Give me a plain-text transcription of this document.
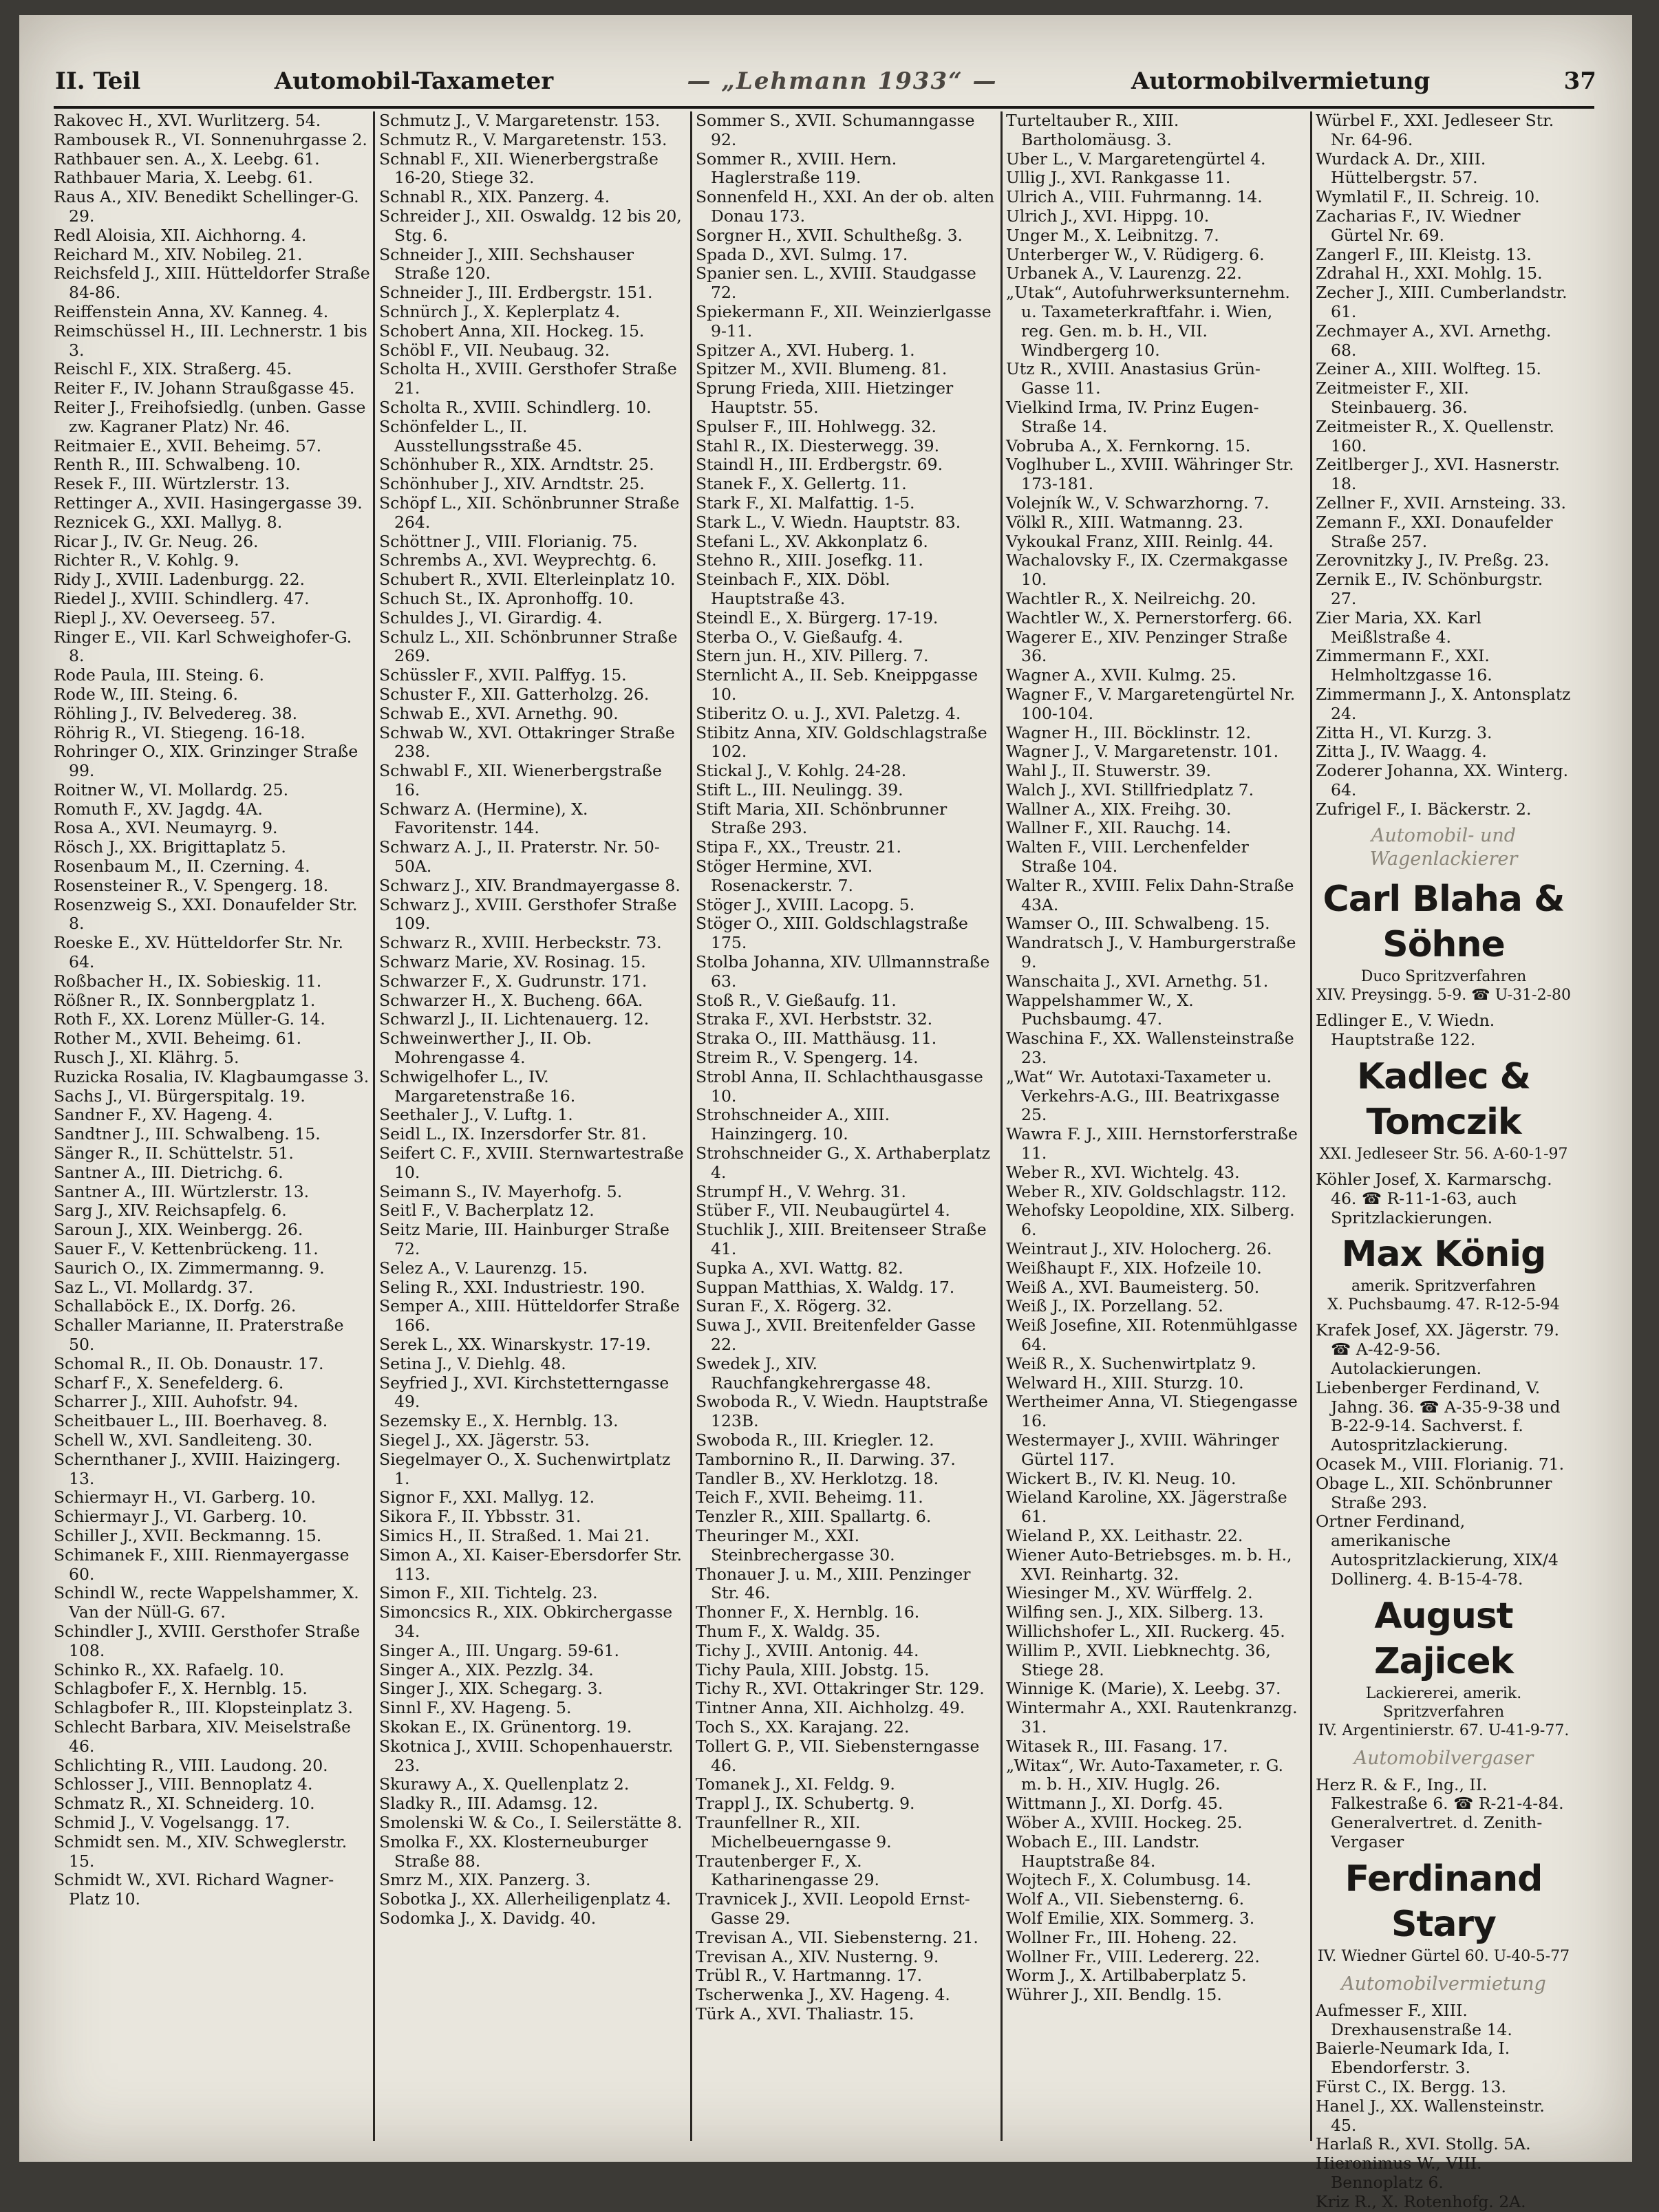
II. Teil	Automobil-Taxameter	— „Lehmann 1933“ —	Autormobilvermietung	37
Rakovec H., XVI. Wurlitzerg. 54.
Rambousek R., VI. Sonnenuhrgasse 2.
Rathbauer sen. A., X. Leebg. 61.
Rathbauer Maria, X. Leebg. 61.
Raus A., XIV. Benedikt Schellinger-G. 29.
Redl Aloisia, XII. Aichhorng. 4.
Reichard M., XIV. Nobileg. 21.
Reichsfeld J., XIII. Hütteldorfer Straße 84-86.
Reiffenstein Anna, XV. Kanneg. 4.
Reimschüssel H., III. Lechnerstr. 1 bis 3.
Reischl F., XIX. Straßerg. 45.
Reiter F., IV. Johann Straußgasse 45.
Reiter J., Freihofsiedlg. (unben. Gasse zw. Kagraner Platz) Nr. 46.
Reitmaier E., XVII. Beheimg. 57.
Renth R., III. Schwalbeng. 10.
Resek F., III. Würtzlerstr. 13.
Rettinger A., XVII. Hasingergasse 39.
Reznicek G., XXI. Mallyg. 8.
Ricar J., IV. Gr. Neug. 26.
Richter R., V. Kohlg. 9.
Ridy J., XVIII. Ladenburgg. 22.
Riedel J., XVIII. Schindlerg. 47.
Riepl J., XV. Oeverseeg. 57.
Ringer E., VII. Karl Schweighofer-G. 8.
Rode Paula, III. Steing. 6.
Rode W., III. Steing. 6.
Röhling J., IV. Belvedereg. 38.
Röhrig R., VI. Stiegeng. 16-18.
Rohringer O., XIX. Grinzinger Straße 99.
Roitner W., VI. Mollardg. 25.
Romuth F., XV. Jagdg. 4A.
Rosa A., XVI. Neumayrg. 9.
Rösch J., XX. Brigittaplatz 5.
Rosenbaum M., II. Czerning. 4.
Rosensteiner R., V. Spengerg. 18.
Rosenzweig S., XXI. Donaufelder Str. 8.
Roeske E., XV. Hütteldorfer Str. Nr. 64.
Roßbacher H., IX. Sobieskig. 11.
Rößner R., IX. Sonnbergplatz 1.
Roth F., XX. Lorenz Müller-G. 14.
Rother M., XVII. Beheimg. 61.
Rusch J., XI. Klährg. 5.
Ruzicka Rosalia, IV. Klagbaumgasse 3.
Sachs J., VI. Bürgerspitalg. 19.
Sandner F., XV. Hageng. 4.
Sandtner J., III. Schwalbeng. 15.
Sänger R., II. Schüttelstr. 51.
Santner A., III. Dietrichg. 6.
Santner A., III. Würtzlerstr. 13.
Sarg J., XIV. Reichsapfelg. 6.
Saroun J., XIX. Weinbergg. 26.
Sauer F., V. Kettenbrückeng. 11.
Saurich O., IX. Zimmermanng. 9.
Saz L., VI. Mollardg. 37.
Schallaböck E., IX. Dorfg. 26.
Schaller Marianne, II. Praterstraße 50.
Schomal R., II. Ob. Donaustr. 17.
Scharf F., X. Senefelderg. 6.
Scharrer J., XIII. Auhofstr. 94.
Scheitbauer L., III. Boerhaveg. 8.
Schell W., XVI. Sandleiteng. 30.
Schernthaner J., XVIII. Haizingerg. 13.
Schiermayr H., VI. Garberg. 10.
Schiermayr J., VI. Garberg. 10.
Schiller J., XVII. Beckmanng. 15.
Schimanek F., XIII. Rienmayergasse 60.
Schindl W., recte Wappelshammer, X. Van der Nüll-G. 67.
Schindler J., XVIII. Gersthofer Straße 108.
Schinko R., XX. Rafaelg. 10.
Schlagbofer F., X. Hernblg. 15.
Schlagbofer R., III. Klopsteinplatz 3.
Schlecht Barbara, XIV. Meiselstraße 46.
Schlichting R., VIII. Laudong. 20.
Schlosser J., VIII. Bennoplatz 4.
Schmatz R., XI. Schneiderg. 10.
Schmid J., V. Vogelsangg. 17.
Schmidt sen. M., XIV. Schweglerstr. 15.
Schmidt W., XVI. Richard Wagner-Platz 10.
Schmutz J., V. Margaretenstr. 153.
Schmutz R., V. Margaretenstr. 153.
Schnabl F., XII. Wienerbergstraße 16-20, Stiege 32.
Schnabl R., XIX. Panzerg. 4.
Schreider J., XII. Oswaldg. 12 bis 20, Stg. 6.
Schneider J., XIII. Sechshauser Straße 120.
Schneider J., III. Erdbergstr. 151.
Schnürch J., X. Keplerplatz 4.
Schobert Anna, XII. Hockeg. 15.
Schöbl F., VII. Neubaug. 32.
Scholta H., XVIII. Gersthofer Straße 21.
Scholta R., XVIII. Schindlerg. 10.
Schönfelder L., II. Ausstellungsstraße 45.
Schönhuber R., XIX. Arndtstr. 25.
Schönhuber J., XIV. Arndtstr. 25.
Schöpf L., XII. Schönbrunner Straße 264.
Schöttner J., VIII. Florianig. 75.
Schrembs A., XVI. Weyprechtg. 6.
Schubert R., XVII. Elterleinplatz 10.
Schuch St., IX. Apronhoffg. 10.
Schuldes J., VI. Girardig. 4.
Schulz L., XII. Schönbrunner Straße 269.
Schüssler F., XVII. Palffyg. 15.
Schuster F., XII. Gatterholzg. 26.
Schwab E., XVI. Arnethg. 90.
Schwab W., XVI. Ottakringer Straße 238.
Schwabl F., XII. Wienerbergstraße 16.
Schwarz A. (Hermine), X. Favoritenstr. 144.
Schwarz A. J., II. Praterstr. Nr. 50-50A.
Schwarz J., XIV. Brandmayergasse 8.
Schwarz J., XVIII. Gersthofer Straße 109.
Schwarz R., XVIII. Herbeckstr. 73.
Schwarz Marie, XV. Rosinag. 15.
Schwarzer F., X. Gudrunstr. 171.
Schwarzer H., X. Bucheng. 66A.
Schwarzl J., II. Lichtenauerg. 12.
Schweinwerther J., II. Ob. Mohrengasse 4.
Schwigelhofer L., IV. Margaretenstraße 16.
Seethaler J., V. Luftg. 1.
Seidl L., IX. Inzersdorfer Str. 81.
Seifert C. F., XVIII. Sternwartestraße 10.
Seimann S., IV. Mayerhofg. 5.
Seitl F., V. Bacherplatz 12.
Seitz Marie, III. Hainburger Straße 72.
Selez A., V. Laurenzg. 15.
Seling R., XXI. Industriestr. 190.
Semper A., XIII. Hütteldorfer Straße 166.
Serek L., XX. Winarskystr. 17-19.
Setina J., V. Diehlg. 48.
Seyfried J., XVI. Kirchstetterngasse 49.
Sezemsky E., X. Hernblg. 13.
Siegel J., XX. Jägerstr. 53.
Siegelmayer O., X. Suchenwirtplatz 1.
Signor F., XXI. Mallyg. 12.
Sikora F., II. Ybbsstr. 31.
Simics H., II. Straßed. 1. Mai 21.
Simon A., XI. Kaiser-Ebersdorfer Str. 113.
Simon F., XII. Tichtelg. 23.
Simoncsics R., XIX. Obkirchergasse 34.
Singer A., III. Ungarg. 59-61.
Singer A., XIX. Pezzlg. 34.
Singer J., XIX. Schegarg. 3.
Sinnl F., XV. Hageng. 5.
Skokan E., IX. Grünentorg. 19.
Skotnica J., XVIII. Schopenhauerstr. 23.
Skurawy A., X. Quellenplatz 2.
Sladky R., III. Adamsg. 12.
Smolenski W. & Co., I. Seilerstätte 8.
Smolka F., XX. Klosterneuburger Straße 88.
Smrz M., XIX. Panzerg. 3.
Sobotka J., XX. Allerheiligenplatz 4.
Sodomka J., X. Davidg. 40.
Sommer S., XVII. Schumanngasse 92.
Sommer R., XVIII. Hern. Haglerstraße 119.
Sonnenfeld H., XXI. An der ob. alten Donau 173.
Sorgner H., XVII. Schultheßg. 3.
Spada D., XVI. Sulmg. 17.
Spanier sen. L., XVIII. Staudgasse 72.
Spiekermann F., XII. Weinzierlgasse 9-11.
Spitzer A., XVI. Huberg. 1.
Spitzer M., XVII. Blumeng. 81.
Sprung Frieda, XIII. Hietzinger Hauptstr. 55.
Spulser F., III. Hohlwegg. 32.
Stahl R., IX. Diesterwegg. 39.
Staindl H., III. Erdbergstr. 69.
Stanek F., X. Gellertg. 11.
Stark F., XI. Malfattig. 1-5.
Stark L., V. Wiedn. Hauptstr. 83.
Stefani L., XV. Akkonplatz 6.
Stehno R., XIII. Josefkg. 11.
Steinbach F., XIX. Döbl. Hauptstraße 43.
Steindl E., X. Bürgerg. 17-19.
Sterba O., V. Gießaufg. 4.
Stern jun. H., XIV. Pillerg. 7.
Sternlicht A., II. Seb. Kneippgasse 10.
Stiberitz O. u. J., XVI. Paletzg. 4.
Stibitz Anna, XIV. Goldschlagstraße 102.
Stickal J., V. Kohlg. 24-28.
Stift L., III. Neulingg. 39.
Stift Maria, XII. Schönbrunner Straße 293.
Stipa F., XX., Treustr. 21.
Stöger Hermine, XVI. Rosenackerstr. 7.
Stöger J., XVIII. Lacopg. 5.
Stöger O., XIII. Goldschlagstraße 175.
Stolba Johanna, XIV. Ullmannstraße 63.
Stoß R., V. Gießaufg. 11.
Straka F., XVI. Herbststr. 32.
Straka O., III. Matthäusg. 11.
Streim R., V. Spengerg. 14.
Strobl Anna, II. Schlachthausgasse 10.
Strohschneider A., XIII. Hainzingerg. 10.
Strohschneider G., X. Arthaberplatz 4.
Strumpf H., V. Wehrg. 31.
Stüber F., VII. Neubaugürtel 4.
Stuchlik J., XIII. Breitenseer Straße 41.
Supka A., XVI. Wattg. 82.
Suppan Matthias, X. Waldg. 17.
Suran F., X. Rögerg. 32.
Suwa J., XVII. Breitenfelder Gasse 22.
Swedek J., XIV. Rauchfangkehrergasse 48.
Swoboda R., V. Wiedn. Hauptstraße 123B.
Swoboda R., III. Kriegler. 12.
Tambornino R., II. Darwing. 37.
Tandler B., XV. Herklotzg. 18.
Teich F., XVII. Beheimg. 11.
Tenzler R., XIII. Spallartg. 6.
Theuringer M., XXI. Steinbrechergasse 30.
Thonauer J. u. M., XIII. Penzinger Str. 46.
Thonner F., X. Hernblg. 16.
Thum F., X. Waldg. 35.
Tichy J., XVIII. Antonig. 44.
Tichy Paula, XIII. Jobstg. 15.
Tichy R., XVI. Ottakringer Str. 129.
Tintner Anna, XII. Aichholzg. 49.
Toch S., XX. Karajang. 22.
Tollert G. P., VII. Siebensterngasse 46.
Tomanek J., XI. Feldg. 9.
Trappl J., IX. Schubertg. 9.
Traunfellner R., XII. Michelbeuerngasse 9.
Trautenberger F., X. Katharinengasse 29.
Travnicek J., XVII. Leopold Ernst-Gasse 29.
Trevisan A., VII. Siebensterng. 21.
Trevisan A., XIV. Nusterng. 9.
Trübl R., V. Hartmanng. 17.
Tscherwenka J., XV. Hageng. 4.
Türk A., XVI. Thaliastr. 15.
Turteltauber R., XIII. Bartholomäusg. 3.
Uber L., V. Margaretengürtel 4.
Ullig J., XVI. Rankgasse 11.
Ulrich A., VIII. Fuhrmanng. 14.
Ulrich J., XVI. Hippg. 10.
Unger M., X. Leibnitzg. 7.
Unterberger W., V. Rüdigerg. 6.
Urbanek A., V. Laurenzg. 22.
„Utak“, Autofuhrwerksunternehm. u. Taxameterkraftfahr. i. Wien, reg. Gen. m. b. H., VII. Windbergerg 10.
Utz R., XVIII. Anastasius Grün-Gasse 11.
Vielkind Irma, IV. Prinz Eugen-Straße 14.
Vobruba A., X. Fernkorng. 15.
Voglhuber L., XVIII. Währinger Str. 173-181.
Volejník W., V. Schwarzhorng. 7.
Völkl R., XIII. Watmanng. 23.
Vykoukal Franz, XIII. Reinlg. 44.
Wachalovsky F., IX. Czermakgasse 10.
Wachtler R., X. Neilreichg. 20.
Wachtler W., X. Pernerstorferg. 66.
Wagerer E., XIV. Penzinger Straße 36.
Wagner A., XVII. Kulmg. 25.
Wagner F., V. Margaretengürtel Nr. 100-104.
Wagner H., III. Böcklinstr. 12.
Wagner J., V. Margaretenstr. 101.
Wahl J., II. Stuwerstr. 39.
Walch J., XVI. Stillfriedplatz 7.
Wallner A., XIX. Freihg. 30.
Wallner F., XII. Rauchg. 14.
Walten F., VIII. Lerchenfelder Straße 104.
Walter R., XVIII. Felix Dahn-Straße 43A.
Wamser O., III. Schwalbeng. 15.
Wandratsch J., V. Hamburgerstraße 9.
Wanschaita J., XVI. Arnethg. 51.
Wappelshammer W., X. Puchsbaumg. 47.
Waschina F., XX. Wallensteinstraße 23.
„Wat“ Wr. Autotaxi-Taxameter u. Verkehrs-A.G., III. Beatrixgasse 25.
Wawra F. J., XIII. Hernstorferstraße 11.
Weber R., XVI. Wichtelg. 43.
Weber R., XIV. Goldschlagstr. 112.
Wehofsky Leopoldine, XIX. Silberg. 6.
Weintraut J., XIV. Holocherg. 26.
Weißhaupt F., XIX. Hofzeile 10.
Weiß A., XVI. Baumeisterg. 50.
Weiß J., IX. Porzellang. 52.
Weiß Josefine, XII. Rotenmühlgasse 64.
Weiß R., X. Suchenwirtplatz 9.
Welward H., XIII. Sturzg. 10.
Wertheimer Anna, VI. Stiegengasse 16.
Westermayer J., XVIII. Währinger Gürtel 117.
Wickert B., IV. Kl. Neug. 10.
Wieland Karoline, XX. Jägerstraße 61.
Wieland P., XX. Leithastr. 22.
Wiener Auto-Betriebsges. m. b. H., XVI. Reinhartg. 32.
Wiesinger M., XV. Würffelg. 2.
Wilfing sen. J., XIX. Silberg. 13.
Willichshofer L., XII. Ruckerg. 45.
Willim P., XVII. Liebknechtg. 36, Stiege 28.
Winnige K. (Marie), X. Leebg. 37.
Wintermahr A., XXI. Rautenkranzg. 31.
Witasek R., III. Fasang. 17.
„Witax“, Wr. Auto-Taxameter, r. G. m. b. H., XIV. Huglg. 26.
Wittmann J., XI. Dorfg. 45.
Wöber A., XVIII. Hockeg. 25.
Wobach E., III. Landstr. Hauptstraße 84.
Wojtech F., X. Columbusg. 14.
Wolf A., VII. Siebensterng. 6.
Wolf Emilie, XIX. Sommerg. 3.
Wollner Fr., III. Hoheng. 22.
Wollner Fr., VIII. Ledererg. 22.
Worm J., X. Artilbaberplatz 5.
Wührer J., XII. Bendlg. 15.
Würbel F., XXI. Jedleseer Str. Nr. 64-96.
Wurdack A. Dr., XIII. Hüttelbergstr. 57.
Wymlatil F., II. Schreig. 10.
Zacharias F., IV. Wiedner Gürtel Nr. 69.
Zangerl F., III. Kleistg. 13.
Zdrahal H., XXI. Mohlg. 15.
Zecher J., XIII. Cumberlandstr. 61.
Zechmayer A., XVI. Arnethg. 68.
Zeiner A., XIII. Wolfteg. 15.
Zeitmeister F., XII. Steinbauerg. 36.
Zeitmeister R., X. Quellenstr. 160.
Zeitlberger J., XVI. Hasnerstr. 18.
Zellner F., XVII. Arnsteing. 33.
Zemann F., XXI. Donaufelder Straße 257.
Zerovnitzky J., IV. Preßg. 23.
Zernik E., IV. Schönburgstr. 27.
Zier Maria, XX. Karl Meißlstraße 4.
Zimmermann F., XXI. Helmholtzgasse 16.
Zimmermann J., X. Antonsplatz 24.
Zitta H., VI. Kurzg. 3.
Zitta J., IV. Waagg. 4.
Zoderer Johanna, XX. Winterg. 64.
Zufrigel F., I. Bäckerstr. 2.
Automobil- und Wagenlackierer
Carl Blaha & Söhne
Duco Spritzverfahren
XIV. Preysingg. 5-9. ☎ U-31-2-80
Edlinger E., V. Wiedn. Hauptstraße 122.
Kadlec & Tomczik
XXI. Jedleseer Str. 56. A-60-1-97
Köhler Josef, X. Karmarschg. 46. ☎ R-11-1-63, auch Spritzlackierungen.
Max König
amerik. Spritzverfahren
X. Puchsbaumg. 47. R-12-5-94
Krafek Josef, XX. Jägerstr. 79. ☎ A-42-9-56. Autolackierungen.
Liebenberger Ferdinand, V. Jahng. 36. ☎ A-35-9-38 und B-22-9-14. Sachverst. f. Autospritzlackierung.
Ocasek M., VIII. Florianig. 71.
Obage L., XII. Schönbrunner Straße 293.
Ortner Ferdinand, amerikanische Autospritzlackierung, XIX/4 Dollinerg. 4. B-15-4-78.
August Zajicek
Lackiererei, amerik. Spritzverfahren
IV. Argentinierstr. 67. U-41-9-77.
Automobilvergaser
Herz R. & F., Ing., II. Falkestraße 6. ☎ R-21-4-84. Generalvertret. d. Zenith-Vergaser
Ferdinand Stary
IV. Wiedner Gürtel 60. U-40-5-77
Automobilvermietung
Aufmesser F., XIII. Drexhausenstraße 14.
Baierle-Neumark Ida, I. Ebendorferstr. 3.
Fürst C., IX. Bergg. 13.
Hanel J., XX. Wallensteinstr. 45.
Harlaß R., XVI. Stollg. 5A.
Hieronimus W., VIII. Bennoplatz 6.
Kriz R., X. Rotenhofg. 2A.
